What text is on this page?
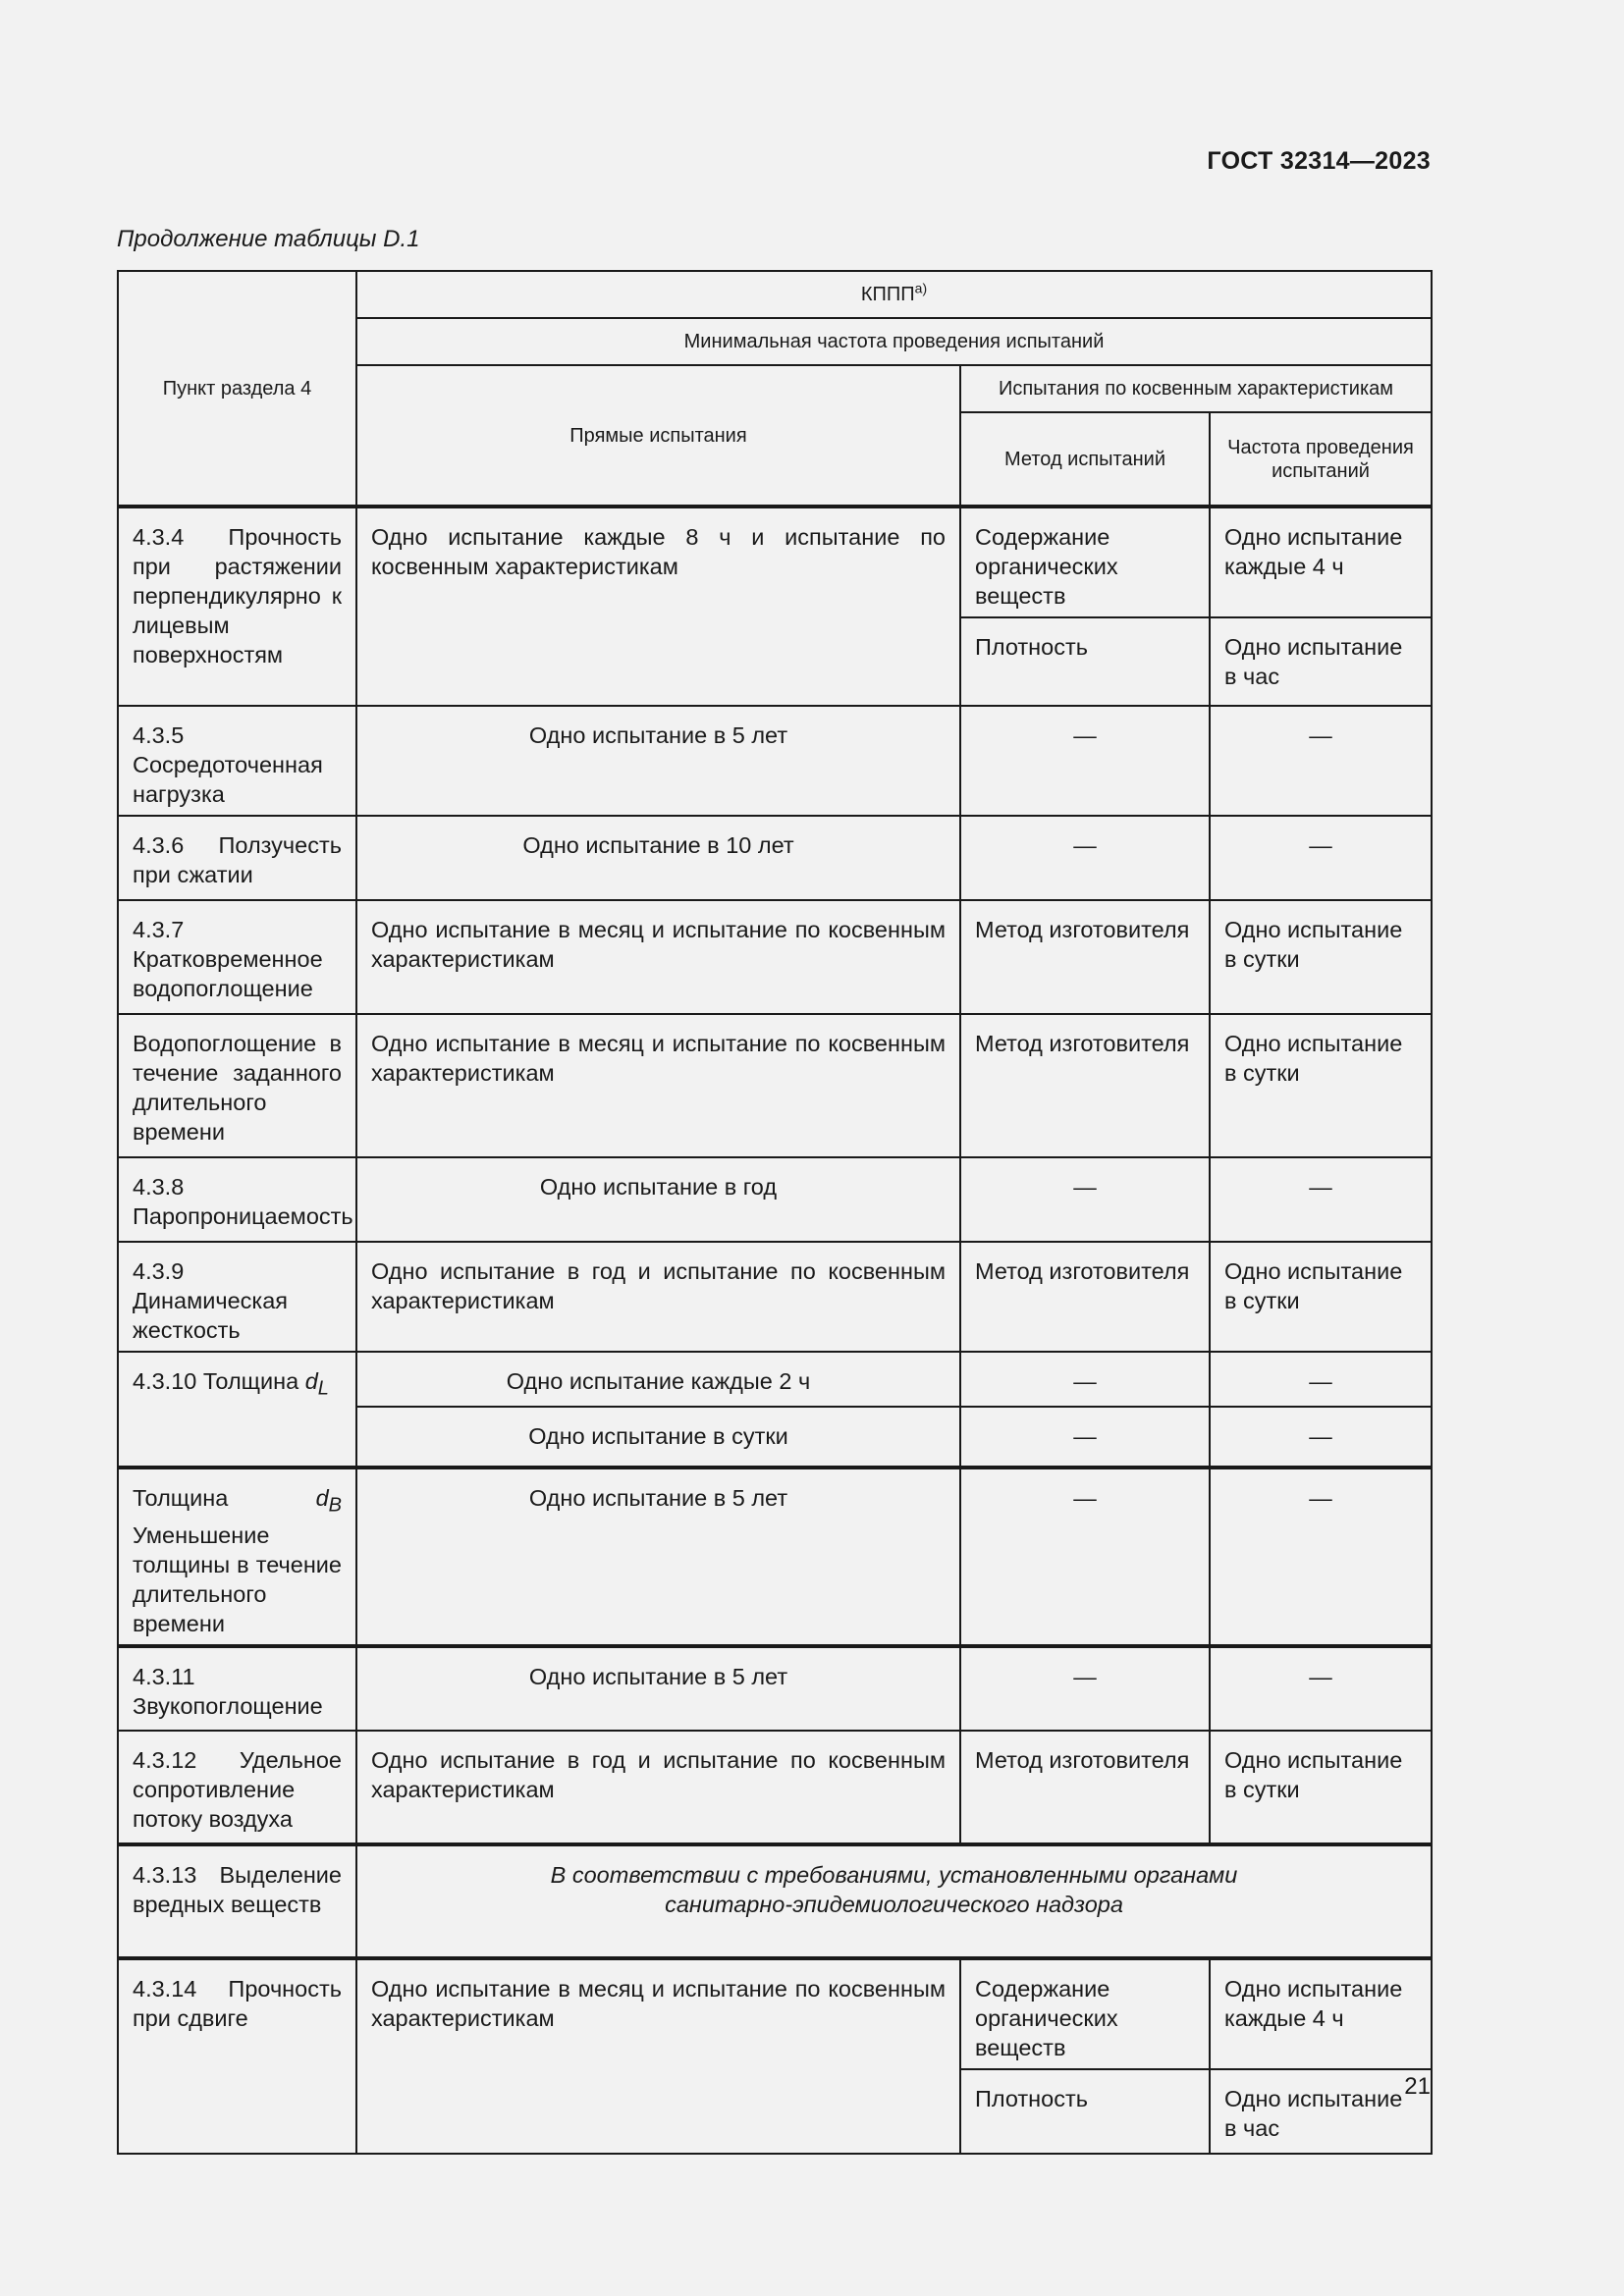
ГОСТ 32314—2023
Продолжение таблицы D.1
Пункт раздела 4	$КППП^{а)}$
	Минимальная частота проведения испытаний		
	Прямые испытания	Испытания по косвенным характеристикам	
		Метод испытаний	Частота проведения испытаний
4.3.4 Прочность при растяжении перпендикулярно к лицевым поверхностям	Одно испытание каждые 8 ч и испытание по косвенным характеристикам	Содержание органических веществ	Одно испытание каждые 4 ч
		Плотность	Одно испытание в час
4.3.5 Сосредоточенная нагрузка	Одно испытание в 5 лет	—	—
4.3.6 Ползучесть при сжатии	Одно испытание в 10 лет	—	—
4.3.7 Кратковременное водопоглощение	Одно испытание в месяц и испытание по косвенным характеристикам	Метод изготовителя	Одно испытание в сутки
Водопоглощение в течение заданного длительного времени	Одно испытание в месяц и испытание по косвенным характеристикам	Метод изготовителя	Одно испытание в сутки
4.3.8 Паропроницаемость	Одно испытание в год	—	—
4.3.9 Динамическая жесткость	Одно испытание в год и испытание по косвенным характеристикам	Метод изготовителя	Одно испытание в сутки
4.3.10 Толщина $d_L$	Одно испытание каждые 2 ч	—	—
	Одно испытание в сутки	—	—
Толщина $d_B$ Уменьшение толщины в течение длительного времени	Одно испытание в 5 лет	—	—
4.3.11 Звукопоглощение	Одно испытание в 5 лет	—	—
4.3.12 Удельное сопротивление потоку воздуха	Одно испытание в год и испытание по косвенным характеристикам	Метод изготовителя	Одно испытание в сутки
4.3.13 Выделение вредных веществ	В соответствии с требованиями, установленными органами санитарно-эпидемиологического надзора		
4.3.14 Прочность при сдвиге	Одно испытание в месяц и испытание по косвенным характеристикам	Содержание органических веществ	Одно испытание каждые 4 ч
		Плотность	Одно испытание в час
21
